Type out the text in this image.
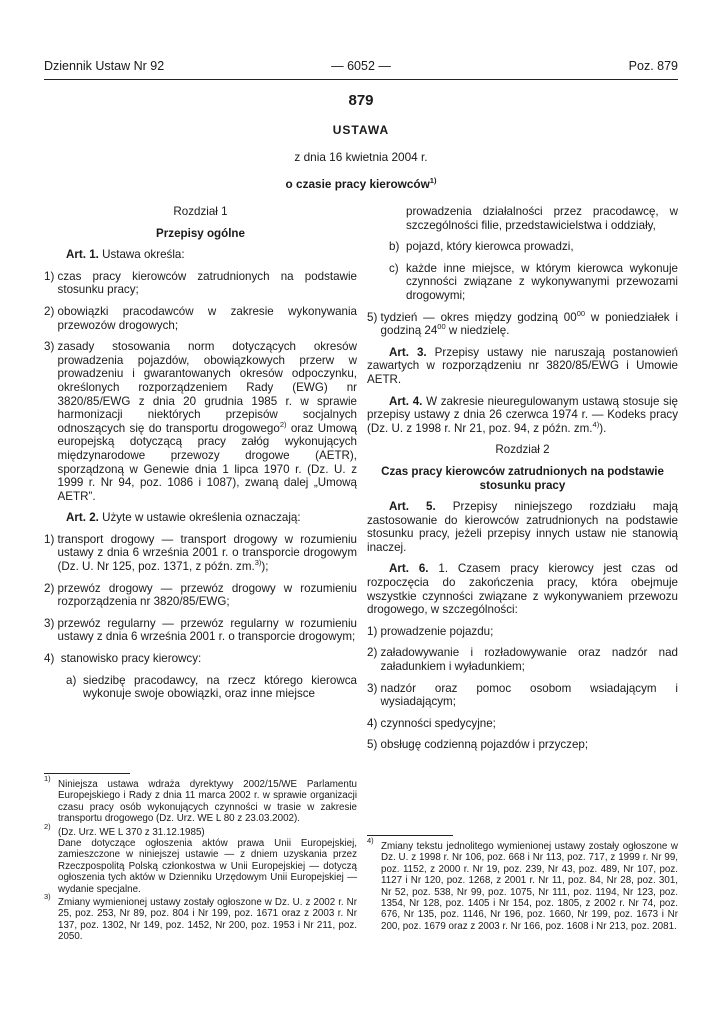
Dziennik Ustaw Nr 92	— 6052 —	Poz. 879
879
USTAWA
z dnia 16 kwietnia 2004 r.
o czasie pracy kierowców$^{1)}$
Rozdział 1
Przepisy ogólne
Art. 1. Ustawa określa:
1)
czas pracy kierowców zatrudnionych na podstawie stosunku pracy;
2)
obowiązki pracodawców w zakresie wykonywania przewozów drogowych;
3)
zasady stosowania norm dotyczących okresów prowadzenia pojazdów, obowiązkowych przerw w prowadzeniu i gwarantowanych okresów odpoczynku, określonych rozporządzeniem Rady (EWG) nr 3820/85/EWG z dnia 20 grudnia 1985 r. w sprawie harmonizacji niektórych przepisów socjalnych odnoszących się do transportu drogowego$^{2)}$ oraz Umową europejską dotyczącą pracy załóg wykonujących międzynarodowe przewozy drogowe (AETR), sporządzoną w Genewie dnia 1 lipca 1970 r. (Dz. U. z 1999 r. Nr 94, poz. 1086 i 1087), zwaną dalej „Umową AETR”.
Art. 2. Użyte w ustawie określenia oznaczają:
1)
transport drogowy — transport drogowy w rozumieniu ustawy z dnia 6 września 2001 r. o transporcie drogowym (Dz. U. Nr 125, poz. 1371, z późn. zm.$^{3)}$);
2)
przewóz drogowy — przewóz drogowy w rozumieniu rozporządzenia nr 3820/85/EWG;
3)
przewóz regularny — przewóz regularny w rozumieniu ustawy z dnia 6 września 2001 r. o transporcie drogowym;
4)
stanowisko pracy kierowcy:
a) siedzibę pracodawcy, na rzecz którego kierowca wykonuje swoje obowiązki, oraz inne miejsce
prowadzenia działalności przez pracodawcę, w szczególności filie, przedstawicielstwa i oddziały,
b) pojazd, który kierowca prowadzi,
c) każde inne miejsce, w którym kierowca wykonuje czynności związane z wykonywanymi przewozami drogowymi;
5)
tydzień — okres między godziną $00^{00}$ w poniedziałek i godziną $24^{00}$ w niedzielę.
Art. 3. Przepisy ustawy nie naruszają postanowień zawartych w rozporządzeniu nr 3820/85/EWG i Umowie AETR.
Art. 4. W zakresie nieuregulowanym ustawą stosuje się przepisy ustawy z dnia 26 czerwca 1974 r. — Kodeks pracy (Dz. U. z 1998 r. Nr 21, poz. 94, z późn. zm.$^{4)}$).
Rozdział 2
Czas pracy kierowców zatrudnionych na podstawie stosunku pracy
Art. 5. Przepisy niniejszego rozdziału mają zastosowanie do kierowców zatrudnionych na podstawie stosunku pracy, jeżeli przepisy innych ustaw nie stanowią inaczej.
Art. 6. 1. Czasem pracy kierowcy jest czas od rozpoczęcia do zakończenia pracy, która obejmuje wszystkie czynności związane z wykonywaniem przewozu drogowego, w szczególności:
1)
prowadzenie pojazdu;
2)
załadowywanie i rozładowywanie oraz nadzór nad załadunkiem i wyładunkiem;
3)
nadzór oraz pomoc osobom wsiadającym i wysiadającym;
4)
czynności spedycyjne;
5)
obsługę codzienną pojazdów i przyczep;
1)
Niniejsza ustawa wdraża dyrektywy 2002/15/WE Parlamentu Europejskiego i Rady z dnia 11 marca 2002 r. w sprawie organizacji czasu pracy osób wykonujących czynności w trasie w zakresie transportu drogowego (Dz. Urz. WE L 80 z 23.03.2002).
2)
(Dz. Urz. WE L 370 z 31.12.1985)
Dane dotyczące ogłoszenia aktów prawa Unii Europejskiej, zamieszczone w niniejszej ustawie — z dniem uzyskania przez Rzeczpospolitą Polską członkostwa w Unii Europejskiej — dotyczą ogłoszenia tych aktów w Dzienniku Urzędowym Unii Europejskiej — wydanie specjalne.
3)
Zmiany wymienionej ustawy zostały ogłoszone w Dz. U. z 2002 r. Nr 25, poz. 253, Nr 89, poz. 804 i Nr 199, poz. 1671 oraz z 2003 r. Nr 137, poz. 1302, Nr 149, poz. 1452, Nr 200, poz. 1953 i Nr 211, poz. 2050.
4)
Zmiany tekstu jednolitego wymienionej ustawy zostały ogłoszone w Dz. U. z 1998 r. Nr 106, poz. 668 i Nr 113, poz. 717, z 1999 r. Nr 99, poz. 1152, z 2000 r. Nr 19, poz. 239, Nr 43, poz. 489, Nr 107, poz. 1127 i Nr 120, poz. 1268, z 2001 r. Nr 11, poz. 84, Nr 28, poz. 301, Nr 52, poz. 538, Nr 99, poz. 1075, Nr 111, poz. 1194, Nr 123, poz. 1354, Nr 128, poz. 1405 i Nr 154, poz. 1805, z 2002 r. Nr 74, poz. 676, Nr 135, poz. 1146, Nr 196, poz. 1660, Nr 199, poz. 1673 i Nr 200, poz. 1679 oraz z 2003 r. Nr 166, poz. 1608 i Nr 213, poz. 2081.
